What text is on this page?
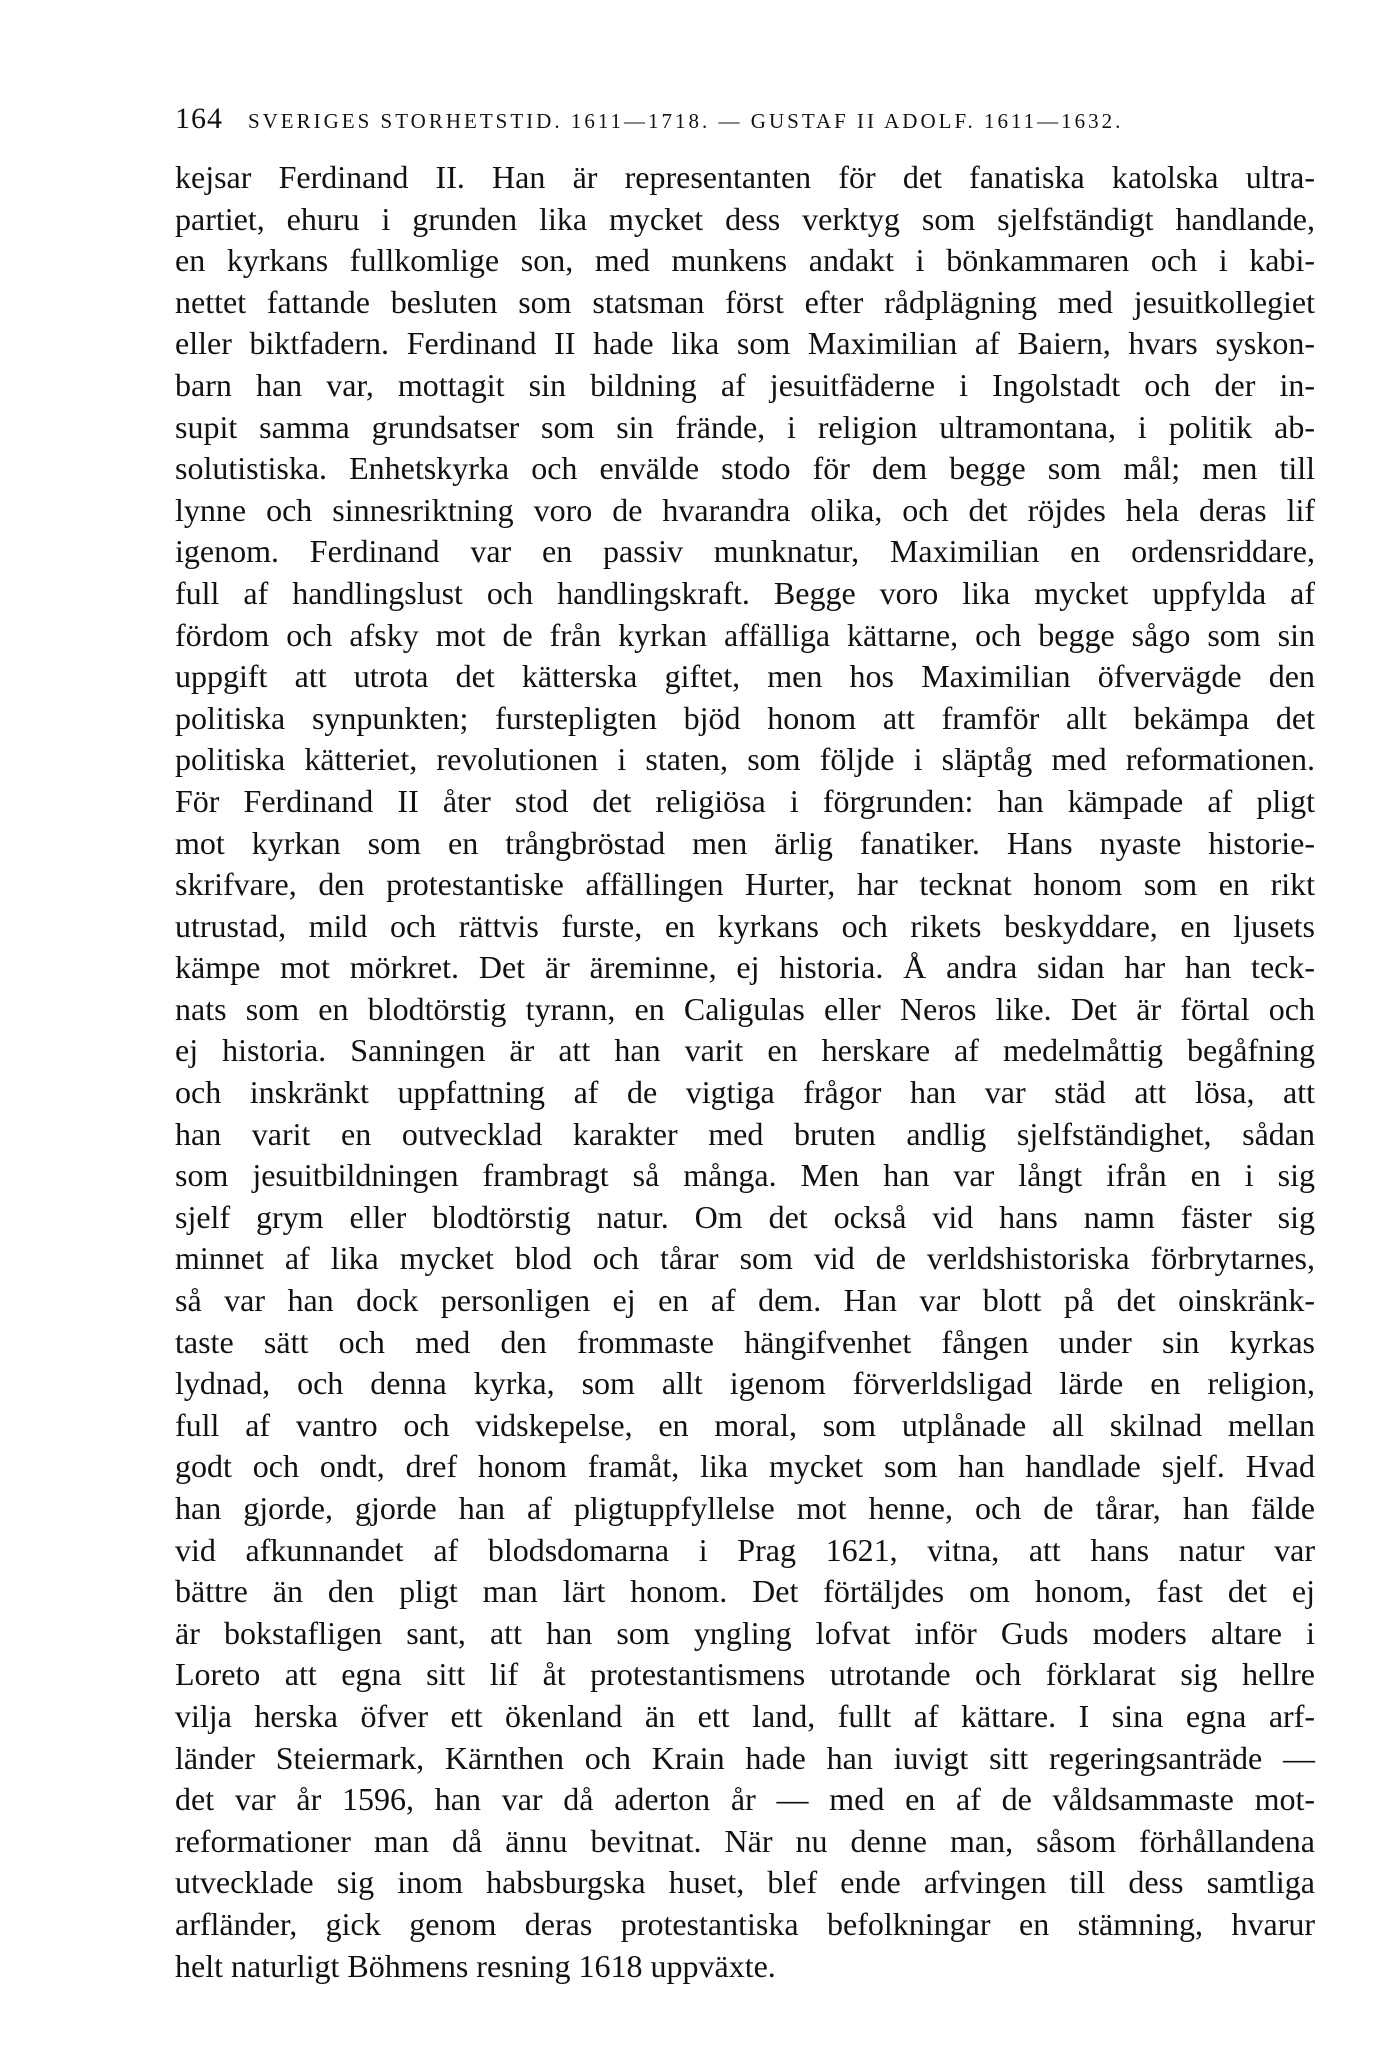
164 SVERIGES STORHETSTID. 1611—1718. — GUSTAF II ADOLF. 1611—1632.
kejsar Ferdinand II. Han är representanten för det fanatiska katolska ultra-
partiet, ehuru i grunden lika mycket dess verktyg som sjelfständigt handlande,
en kyrkans fullkomlige son, med munkens andakt i bönkammaren och i kabi-
nettet fattande besluten som statsman först efter rådplägning med jesuitkollegiet
eller biktfadern. Ferdinand II hade lika som Maximilian af Baiern, hvars syskon-
barn han var, mottagit sin bildning af jesuitfäderne i Ingolstadt och der in-
supit samma grundsatser som sin frände, i religion ultramontana, i politik ab-
solutistiska. Enhetskyrka och envälde stodo för dem begge som mål; men till
lynne och sinnesriktning voro de hvarandra olika, och det röjdes hela deras lif
igenom. Ferdinand var en passiv munknatur, Maximilian en ordensriddare,
full af handlingslust och handlingskraft. Begge voro lika mycket uppfylda af
fördom och afsky mot de från kyrkan affälliga kättarne, och begge sågo som sin
uppgift att utrota det kätterska giftet, men hos Maximilian öfvervägde den
politiska synpunkten; furstepligten bjöd honom att framför allt bekämpa det
politiska kätteriet, revolutionen i staten, som följde i släptåg med reformationen.
För Ferdinand II åter stod det religiösa i förgrunden: han kämpade af pligt
mot kyrkan som en trångbröstad men ärlig fanatiker. Hans nyaste historie-
skrifvare, den protestantiske affällingen Hurter, har tecknat honom som en rikt
utrustad, mild och rättvis furste, en kyrkans och rikets beskyddare, en ljusets
kämpe mot mörkret. Det är äreminne, ej historia. Å andra sidan har han teck-
nats som en blodtörstig tyrann, en Caligulas eller Neros like. Det är förtal och
ej historia. Sanningen är att han varit en herskare af medelmåttig begåfning
och inskränkt uppfattning af de vigtiga frågor han var städ att lösa, att
han varit en outvecklad karakter med bruten andlig sjelfständighet, sådan
som jesuitbildningen frambragt så många. Men han var långt ifrån en i sig
sjelf grym eller blodtörstig natur. Om det också vid hans namn fäster sig
minnet af lika mycket blod och tårar som vid de verldshistoriska förbrytarnes,
så var han dock personligen ej en af dem. Han var blott på det oinskränk-
taste sätt och med den frommaste hängifvenhet fången under sin kyrkas
lydnad, och denna kyrka, som allt igenom förverldsligad lärde en religion,
full af vantro och vidskepelse, en moral, som utplånade all skilnad mellan
godt och ondt, dref honom framåt, lika mycket som han handlade sjelf. Hvad
han gjorde, gjorde han af pligtuppfyllelse mot henne, och de tårar, han fälde
vid afkunnandet af blodsdomarna i Prag 1621, vitna, att hans natur var
bättre än den pligt man lärt honom. Det förtäljdes om honom, fast det ej
är bokstafligen sant, att han som yngling lofvat inför Guds moders altare i
Loreto att egna sitt lif åt protestantismens utrotande och förklarat sig hellre
vilja herska öfver ett ökenland än ett land, fullt af kättare. I sina egna arf-
länder Steiermark, Kärnthen och Krain hade han iuvigt sitt regeringsanträde —
det var år 1596, han var då aderton år — med en af de våldsammaste mot-
reformationer man då ännu bevitnat. När nu denne man, såsom förhållandena
utvecklade sig inom habsburgska huset, blef ende arfvingen till dess samtliga
arfländer, gick genom deras protestantiska befolkningar en stämning, hvarur
helt naturligt Böhmens resning 1618 uppväxte.
